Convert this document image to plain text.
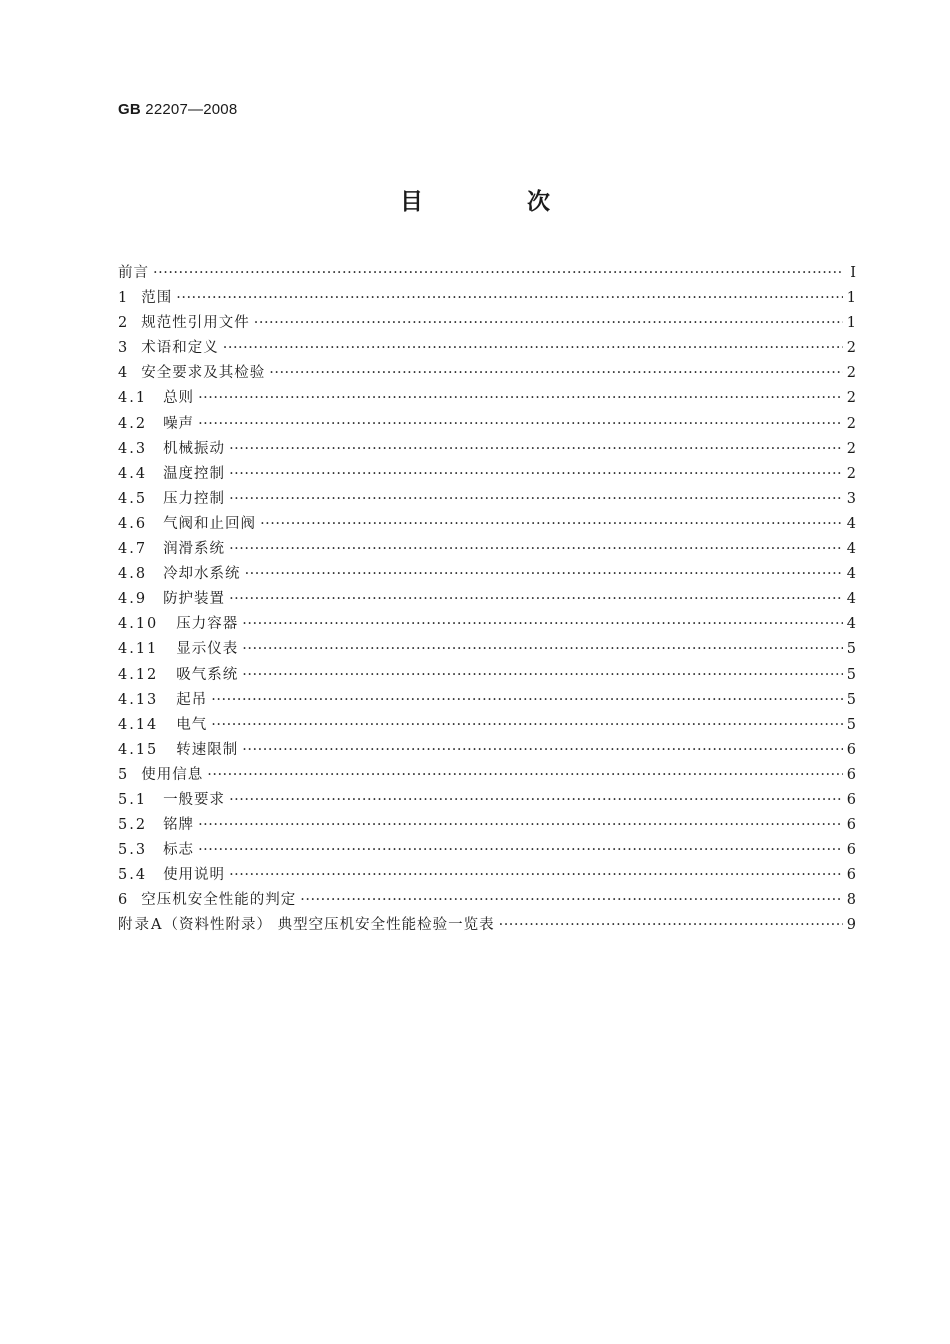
GB 22207—2008
目 次
前言 ·····	Ⅰ
1 范围 ·····	1
2 规范性引用文件 ·····	1
3 术语和定义 ·····	2
4 安全要求及其检验 ·····	2
4.1 总则 ·····	2
4.2 噪声 ·····	2
4.3 机械振动 ·····	2
4.4 温度控制 ·····	2
4.5 压力控制 ·····	3
4.6 气阀和止回阀 ·····	4
4.7 润滑系统 ·····	4
4.8 冷却水系统 ·····	4
4.9 防护装置 ·····	4
4.10 压力容器 ·····	4
4.11 显示仪表 ·····	5
4.12 吸气系统 ·····	5
4.13 起吊 ·····	5
4.14 电气 ·····	5
4.15 转速限制 ·····	6
5 使用信息 ·····	6
5.1 一般要求 ·····	6
5.2 铭牌 ·····	6
5.3 标志 ·····	6
5.4 使用说明 ·····	6
6 空压机安全性能的判定 ·····	8
附录A （资料性附录） 典型空压机安全性能检验一览表 ·····	9
